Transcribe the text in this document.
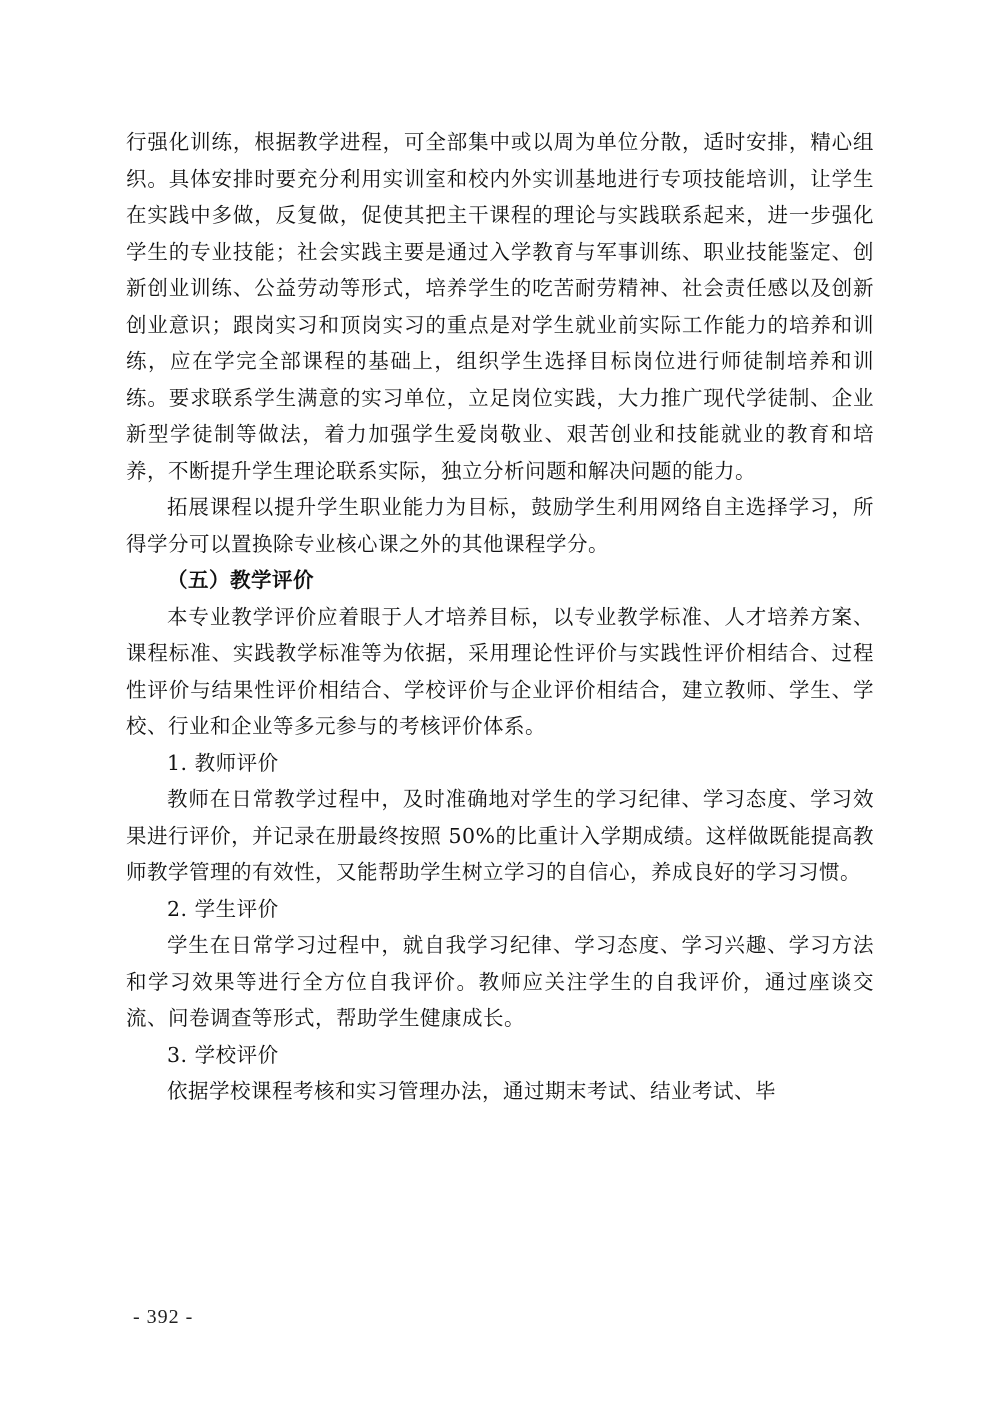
行强化训练，根据教学进程，可全部集中或以周为单位分散，适时安排，精心组织。具体安排时要充分利用实训室和校内外实训基地进行专项技能培训，让学生在实践中多做，反复做，促使其把主干课程的理论与实践联系起来，进一步强化学生的专业技能；社会实践主要是通过入学教育与军事训练、职业技能鉴定、创新创业训练、公益劳动等形式，培养学生的吃苦耐劳精神、社会责任感以及创新创业意识；跟岗实习和顶岗实习的重点是对学生就业前实际工作能力的培养和训练，应在学完全部课程的基础上，组织学生选择目标岗位进行师徒制培养和训练。要求联系学生满意的实习单位，立足岗位实践，大力推广现代学徒制、企业新型学徒制等做法，着力加强学生爱岗敬业、艰苦创业和技能就业的教育和培养，不断提升学生理论联系实际，独立分析问题和解决问题的能力。

拓展课程以提升学生职业能力为目标，鼓励学生利用网络自主选择学习，所得学分可以置换除专业核心课之外的其他课程学分。

（五）教学评价

本专业教学评价应着眼于人才培养目标，以专业教学标准、人才培养方案、课程标准、实践教学标准等为依据，采用理论性评价与实践性评价相结合、过程性评价与结果性评价相结合、学校评价与企业评价相结合，建立教师、学生、学校、行业和企业等多元参与的考核评价体系。

1. 教师评价

教师在日常教学过程中，及时准确地对学生的学习纪律、学习态度、学习效果进行评价，并记录在册最终按照 50%的比重计入学期成绩。这样做既能提高教师教学管理的有效性，又能帮助学生树立学习的自信心，养成良好的学习习惯。

2. 学生评价

学生在日常学习过程中，就自我学习纪律、学习态度、学习兴趣、学习方法和学习效果等进行全方位自我评价。教师应关注学生的自我评价，通过座谈交流、问卷调查等形式，帮助学生健康成长。

3. 学校评价

依据学校课程考核和实习管理办法，通过期末考试、结业考试、毕

- 392 -
